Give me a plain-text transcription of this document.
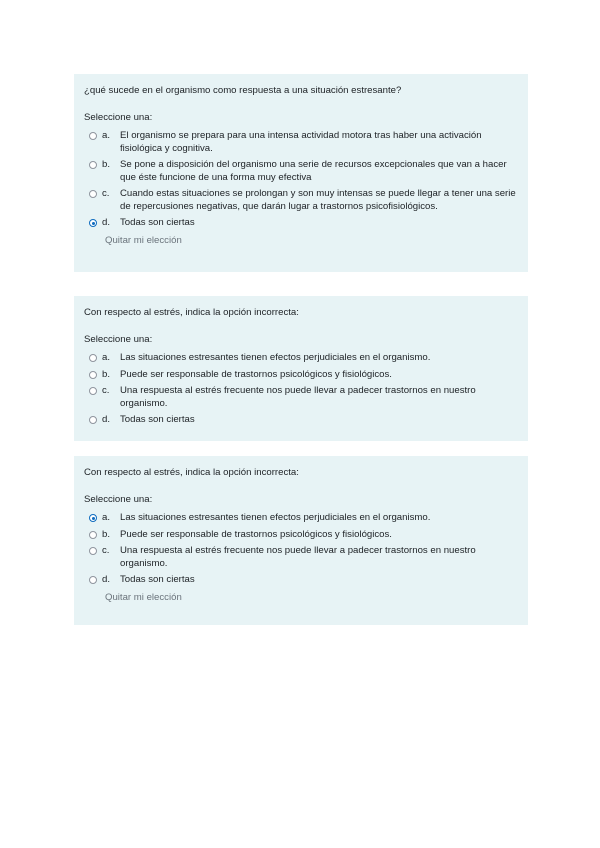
¿qué sucede en el organismo como respuesta a una situación estresante?
Seleccione una:
a.	El organismo se prepara para una intensa actividad motora tras haber una activación fisiológica y cognitiva.
b.	Se pone a disposición del organismo una serie de recursos excepcionales que van a hacer que éste funcione de una forma muy efectiva
c.	Cuando estas situaciones se prolongan y son muy intensas se puede llegar a tener una serie de repercusiones negativas, que darán lugar a trastornos psicofisiológicos.
d.	Todas son ciertas
Quitar mi elección
Con respecto al estrés, indica la opción incorrecta:
Seleccione una:
a.	Las situaciones estresantes tienen efectos perjudiciales en el organismo.
b.	Puede ser responsable de trastornos psicológicos y fisiológicos.
c.	Una respuesta al estrés frecuente nos puede llevar a padecer trastornos en nuestro organismo.
d.	Todas son ciertas
Con respecto al estrés, indica la opción incorrecta:
Seleccione una:
a.	Las situaciones estresantes tienen efectos perjudiciales en el organismo.
b.	Puede ser responsable de trastornos psicológicos y fisiológicos.
c.	Una respuesta al estrés frecuente nos puede llevar a padecer trastornos en nuestro organismo.
d.	Todas son ciertas
Quitar mi elección
